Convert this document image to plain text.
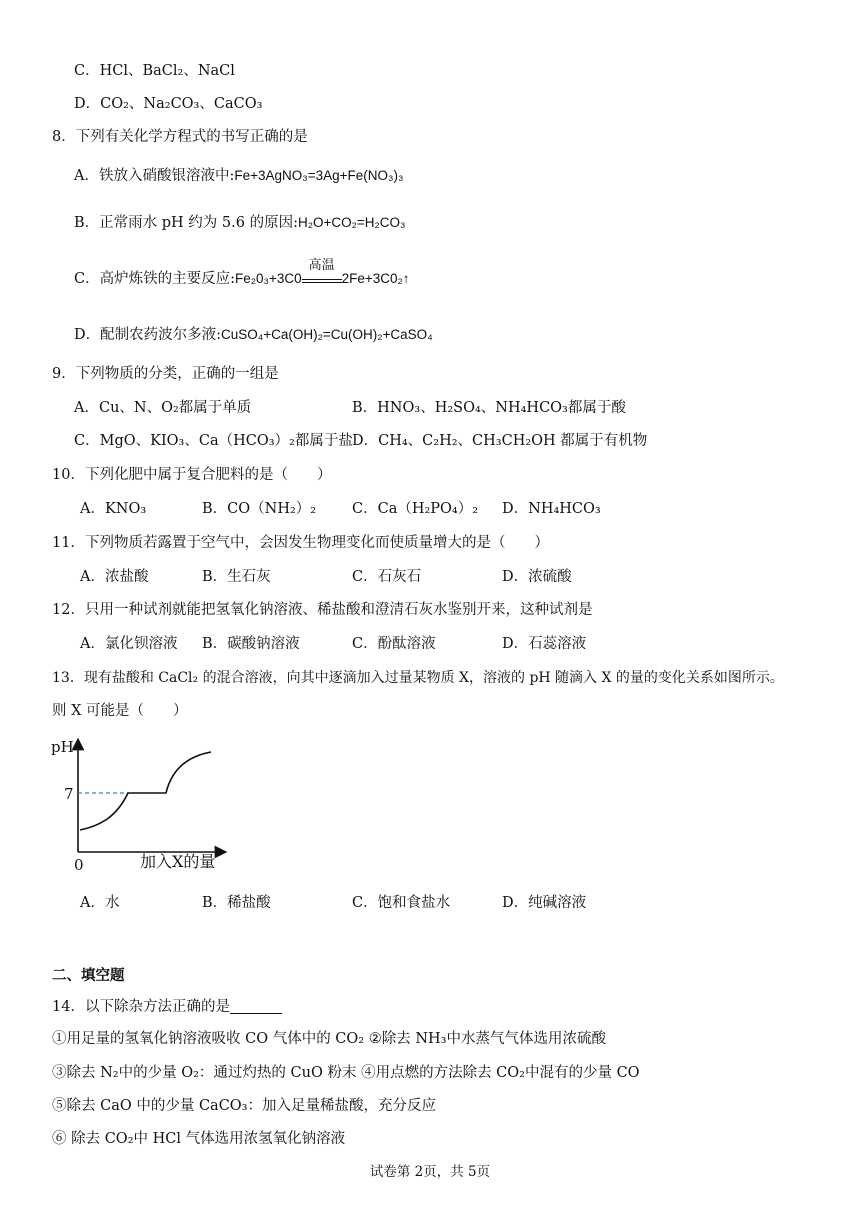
C．HCl、BaCl₂、NaCl
D．CO₂、Na₂CO₃、CaCO₃
8．下列有关化学方程式的书写正确的是
A．铁放入硝酸银溶液中:Fe+3AgNO₃=3Ag+Fe(NO₃)₃
B．正常雨水 pH 约为 5.6 的原因:H₂O+CO₂=H₂CO₃
C．高炉炼铁的主要反应:Fe₂0₃+3C0
高温
2Fe+3C0₂↑
D．配制农药波尔多液:CuSO₄+Ca(OH)₂=Cu(OH)₂+CaSO₄
9．下列物质的分类，正确的一组是
A．Cu、N、O₂都属于单质	B．HNO₃、H₂SO₄、NH₄HCO₃都属于酸
C．MgO、KIO₃、Ca（HCO₃）₂都属于盐 D．CH₄、C₂H₂、CH₃CH₂OH 都属于有机物
10．下列化肥中属于复合肥料的是（　　）
A．KNO₃	B．CO（NH₂）₂ C．Ca（H₂PO₄）₂ D．NH₄HCO₃
11．下列物质若露置于空气中，会因发生物理变化而使质量增大的是（　　）
A．浓盐酸	B．生石灰	C．石灰石	D．浓硫酸
12．只用一种试剂就能把氢氧化钠溶液、稀盐酸和澄清石灰水鉴别开来，这种试剂是
A．氯化钡溶液 B．碳酸钠溶液	C．酚酞溶液	D．石蕊溶液
13．现有盐酸和 CaCl₂ 的混合溶液，向其中逐滴加入过量某物质 X，溶液的 pH 随滴入 X 的量的变化关系如图所示。
则 X 可能是（　　）
pH
7
0	加入X的量
A．水	B．稀盐酸	C．饱和食盐水	D．纯碱溶液
二、填空题
14．以下除杂方法正确的是
①用足量的氢氧化钠溶液吸收 CO 气体中的 CO₂ ②除去 NH₃中水蒸气气体选用浓硫酸
③除去 N₂中的少量 O₂：通过灼热的 CuO 粉末 ④用点燃的方法除去 CO₂中混有的少量 CO
⑤除去 CaO 中的少量 CaCO₃：加入足量稀盐酸，充分反应
⑥ 除去 CO₂中 HCl 气体选用浓氢氧化钠溶液
试卷第 2页，共 5页
